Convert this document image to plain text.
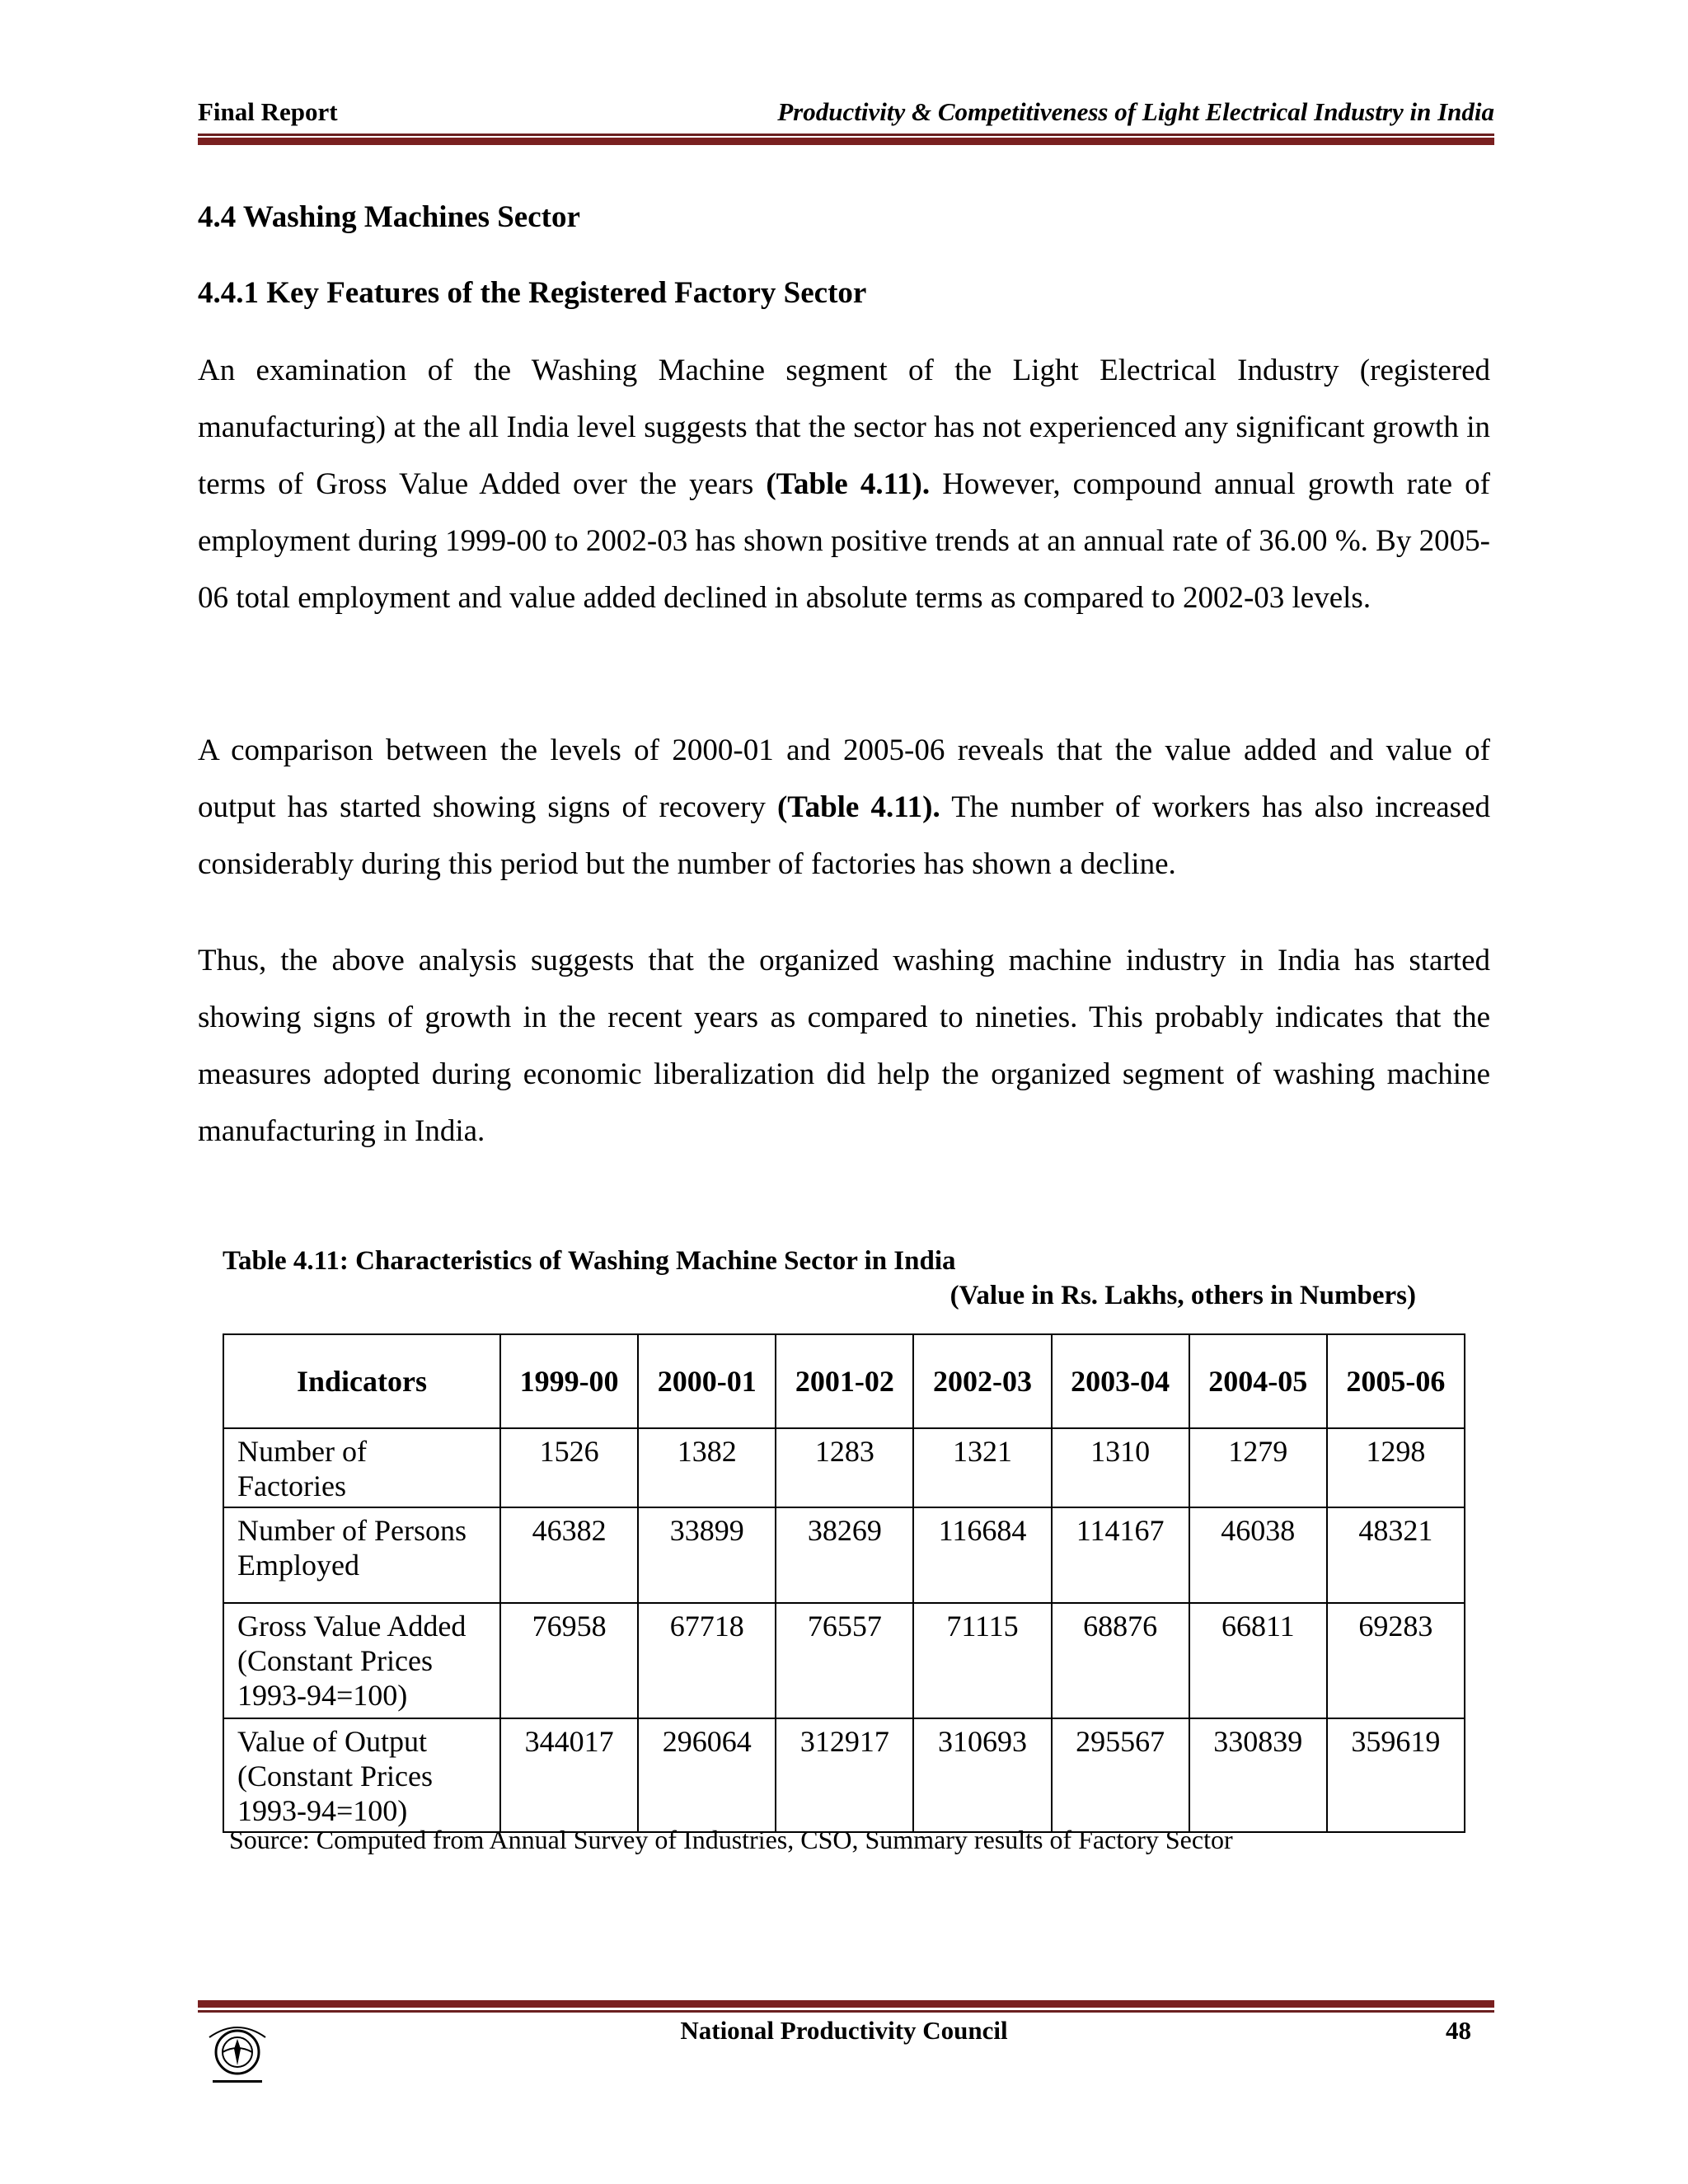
Final Report	Productivity & Competitiveness of Light Electrical Industry in India
4.4 Washing Machines Sector
4.4.1 Key Features of the Registered Factory Sector
An examination of the Washing Machine segment of the Light Electrical Industry (registered manufacturing) at the all India level suggests that the sector has not experienced any significant growth in terms of Gross Value Added over the years (Table 4.11). However, compound annual growth rate of employment during 1999-00 to 2002-03 has shown positive trends at an annual rate of 36.00 %. By 2005-06 total employment and value added declined in absolute terms as compared to 2002-03 levels.
A comparison between the levels of 2000-01 and 2005-06 reveals that the value added and value of output has started showing signs of recovery (Table 4.11). The number of workers has also increased considerably during this period but the number of factories has shown a decline.
Thus, the above analysis suggests that the organized washing machine industry in India has started showing signs of growth in the recent years as compared to nineties. This probably indicates that the measures adopted during economic liberalization did help the organized segment of washing machine manufacturing in India.
Table 4.11: Characteristics of Washing Machine Sector in India
(Value in Rs. Lakhs, others in Numbers)
Indicators	1999-00	2000-01	2001-02	2002-03	2003-04	2004-05	2005-06

Number of
Factories	1526	1382	1283	1321	1310	1279	1298

Number of Persons
Employed	46382	33899	38269	116684	114167	46038	48321

Gross Value Added
(Constant Prices
1993-94=100)	76958	67718	76557	71115	68876	66811	69283

Value of Output
(Constant Prices
1993-94=100)	344017	296064	312917	310693	295567	330839	359619
Source: Computed from Annual Survey of Industries, CSO, Summary results of Factory Sector
National Productivity Council	48
